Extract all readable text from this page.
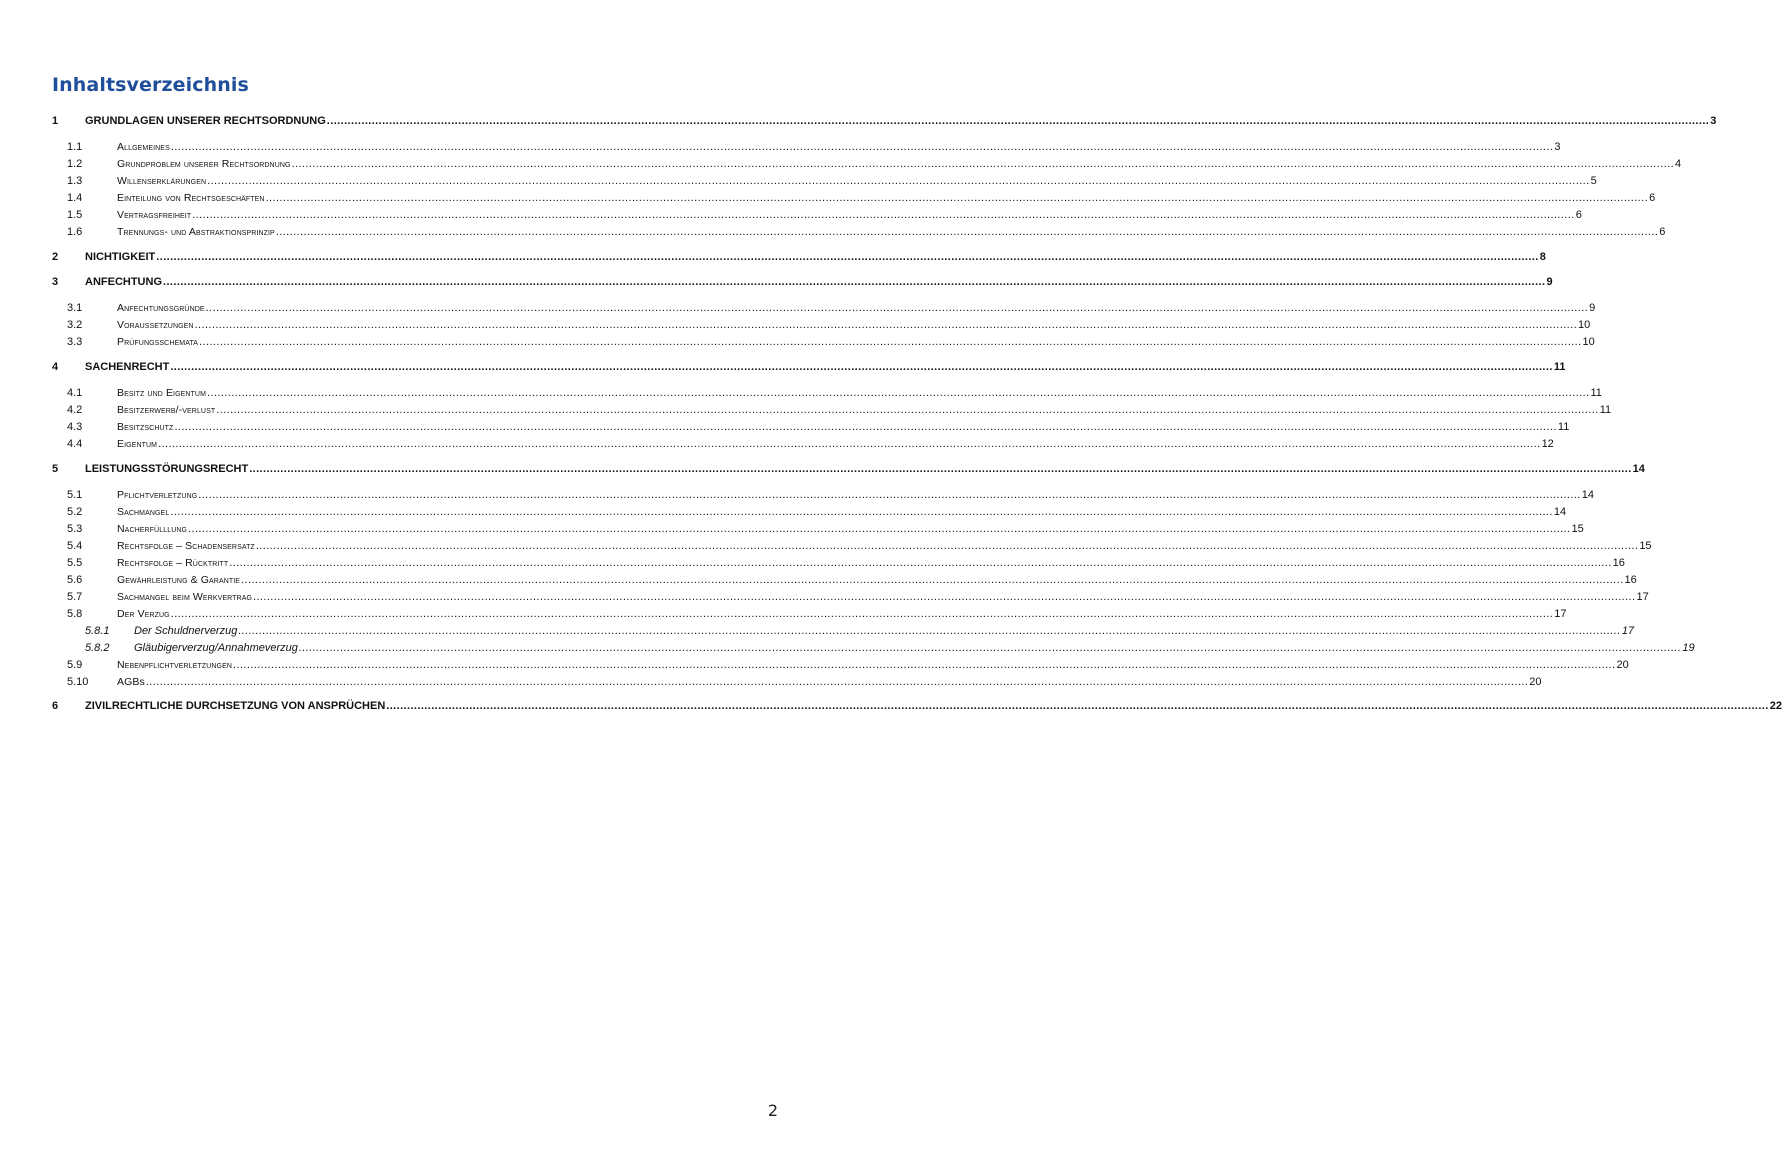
Inhaltsverzeichnis
1 GRUNDLAGEN UNSERER RECHTSORDNUNG ................................................................................................................................................................................................................................................................................................................................................................................................................ 3
1.1	Allgemeines ................................................................................................................................................................................................................................................................................................................................................................................................................ 3
1.2	Grundproblem unserer Rechtsordnung ................................................................................................................................................................................................................................................................................................................................................................................................................ 4
1.3	Willenserklärungen ................................................................................................................................................................................................................................................................................................................................................................................................................ 5
1.4	Einteilung von Rechtsgeschäften ................................................................................................................................................................................................................................................................................................................................................................................................................ 6
1.5	Vertragsfreiheit ................................................................................................................................................................................................................................................................................................................................................................................................................ 6
1.6	Trennungs- und Abstraktionsprinzip ................................................................................................................................................................................................................................................................................................................................................................................................................ 6
2 NICHTIGKEIT ................................................................................................................................................................................................................................................................................................................................................................................................................ 8
3 ANFECHTUNG ................................................................................................................................................................................................................................................................................................................................................................................................................ 9
3.1	Anfechtungsgründe ................................................................................................................................................................................................................................................................................................................................................................................................................ 9
3.2	Voraussetzungen ................................................................................................................................................................................................................................................................................................................................................................................................................ 10
3.3	Prüfungsschemata ................................................................................................................................................................................................................................................................................................................................................................................................................ 10
4 SACHENRECHT ................................................................................................................................................................................................................................................................................................................................................................................................................ 11
4.1	Besitz und Eigentum ................................................................................................................................................................................................................................................................................................................................................................................................................ 11
4.2	Besitzerwerb/-verlust ................................................................................................................................................................................................................................................................................................................................................................................................................ 11
4.3	Besitzschutz ................................................................................................................................................................................................................................................................................................................................................................................................................ 11
4.4	Eigentum ................................................................................................................................................................................................................................................................................................................................................................................................................ 12
5 LEISTUNGSSTÖRUNGSRECHT ................................................................................................................................................................................................................................................................................................................................................................................................................ 14
5.1	Pflichtverletzung ................................................................................................................................................................................................................................................................................................................................................................................................................ 14
5.2	Sachmangel ................................................................................................................................................................................................................................................................................................................................................................................................................ 14
5.3	Nacherfülllung ................................................................................................................................................................................................................................................................................................................................................................................................................ 15
5.4	Rechtsfolge – Schadensersatz ................................................................................................................................................................................................................................................................................................................................................................................................................ 15
5.5	Rechtsfolge – Rücktritt ................................................................................................................................................................................................................................................................................................................................................................................................................ 16
5.6	Gewährleistung & Garantie ................................................................................................................................................................................................................................................................................................................................................................................................................ 16
5.7	Sachmangel beim Werkvertrag ................................................................................................................................................................................................................................................................................................................................................................................................................ 17
5.8	Der Verzug ................................................................................................................................................................................................................................................................................................................................................................................................................ 17
5.8.1 Der Schuldnerverzug ................................................................................................................................................................................................................................................................................................................................................................................................................ 17
5.8.2 Gläubigerverzug/Annahmeverzug ................................................................................................................................................................................................................................................................................................................................................................................................................ 19
5.9	Nebenpflichtverletzungen ................................................................................................................................................................................................................................................................................................................................................................................................................ 20
5.10	AGBs ................................................................................................................................................................................................................................................................................................................................................................................................................ 20
6 ZIVILRECHTLICHE DURCHSETZUNG VON ANSPRÜCHEN ................................................................................................................................................................................................................................................................................................................................................................................................................ 22
2
